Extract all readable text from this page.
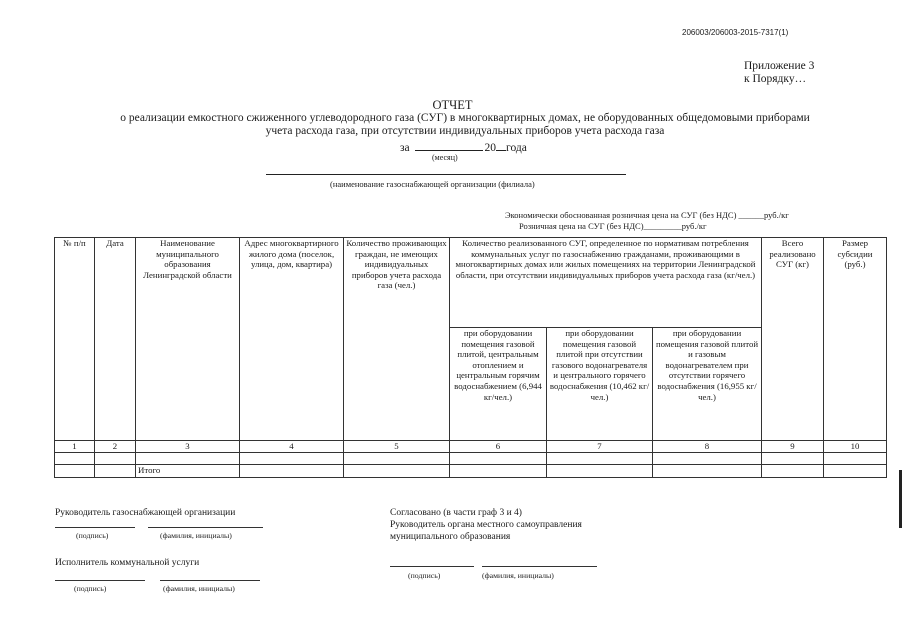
206003/206003-2015-7317(1)
Приложение 3
к Порядку…
ОТЧЕТ
о реализации емкостного сжиженного углеводородного газа (СУГ) в многоквартирных домах, не оборудованных общедомовыми приборами
учета расхода газа, при отсутствии индивидуальных приборов учета расхода газа
за	20 года
(месяц)
(наименование газоснабжающей организации (филиала)
Экономически обоснованная розничная цена на СУГ (без НДС) ______руб./кг
Розничная цена на СУГ (без НДС)_________руб./кг
№ п/п	Дата	Наименование муниципального образования Ленинградской области	Адрес многоквартирного жилого дома (поселок, улица, дом, квартира)	Количество проживающих граждан, не имеющих индивидуальных приборов учета расхода газа (чел.)	Количество реализованного СУГ, определенное по нормативам потребления коммунальных услуг по газоснабжению гражданами, проживающими в многоквартирных домах или жилых помещениях на территории Ленинградской области, при отсутствии индивидуальных приборов учета расхода газа (кг/чел.)			Всего реализовано СУГ (кг)	Размер субсидии (руб.)
					при оборудовании помещения газовой плитой, центральным отоплением и центральным горячим водоснабжением (6,944 кг/чел.)	при оборудовании помещения газовой плитой при отсутствии газового водонагревателя и центрального горячего водоснабжения (10,462 кг/чел.)	при оборудовании помещения газовой плитой и газовым водонагревателем при отсутствии горячего водоснабжения (16,955 кг/чел.)		
1	2	3	4	5	6	7	8	9	10

		Итого							
Руководитель газоснабжающей организации
(подпись)	(фамилия, инициалы)
Исполнитель коммунальной услуги
(подпись)	(фамилия, инициалы)
Согласовано (в части граф 3 и 4)
Руководитель органа местного самоуправления
муниципального образования
(подпись)	(фамилия, инициалы)
